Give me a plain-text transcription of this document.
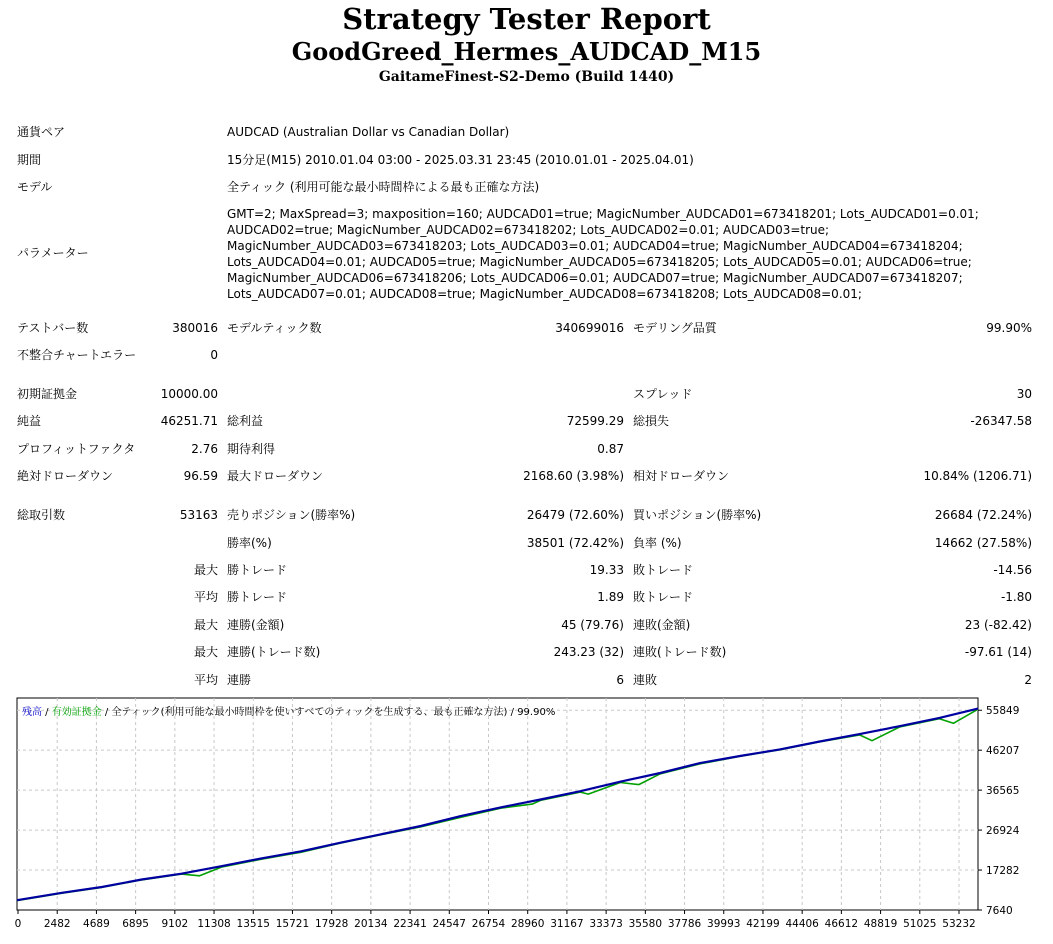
Strategy Tester Report
GoodGreed_Hermes_AUDCAD_M15
GaitameFinest-S2-Demo (Build 1440)
通貨ペア	AUDCAD (Australian Dollar vs Canadian Dollar)
期間	15分足(M15) 2010.01.04 03:00 - 2025.03.31 23:45 (2010.01.01 - 2025.04.01)
モデル	全ティック (利用可能な最小時間枠による最も正確な方法)
パラメーター
GMT=2; MaxSpread=3; maxposition=160; AUDCAD01=true; MagicNumber_AUDCAD01=673418201; Lots_AUDCAD01=0.01;
AUDCAD02=true; MagicNumber_AUDCAD02=673418202; Lots_AUDCAD02=0.01; AUDCAD03=true;
MagicNumber_AUDCAD03=673418203; Lots_AUDCAD03=0.01; AUDCAD04=true; MagicNumber_AUDCAD04=673418204;
Lots_AUDCAD04=0.01; AUDCAD05=true; MagicNumber_AUDCAD05=673418205; Lots_AUDCAD05=0.01; AUDCAD06=true;
MagicNumber_AUDCAD06=673418206; Lots_AUDCAD06=0.01; AUDCAD07=true; MagicNumber_AUDCAD07=673418207;
Lots_AUDCAD07=0.01; AUDCAD08=true; MagicNumber_AUDCAD08=673418208; Lots_AUDCAD08=0.01;
テストバー数	380016 モデルティック数	340699016 モデリング品質	99.90%
不整合チャートエラー	0
初期証拠金	10000.00	スプレッド	30
純益	46251.71 総利益	72599.29 総損失	-26347.58
プロフィットファクタ	2.76 期待利得	0.87
絶対ドローダウン	96.59 最大ドローダウン	2168.60 (3.98%) 相対ドローダウン	10.84% (1206.71)
総取引数	53163 売りポジション(勝率%)	26479 (72.60%) 買いポジション(勝率%)	26684 (72.24%)
勝率(%)	38501 (72.42%) 負率 (%)	14662 (27.58%)
最大 勝トレード	19.33 敗トレード	-14.56
平均 勝トレード	1.89 敗トレード	-1.80
最大 連勝(金額)	45 (79.76) 連敗(金額)	23 (-82.42)
最大 連勝(トレード数)	243.23 (32) 連敗(トレード数)	-97.61 (14)
平均 連勝	6 連敗	2
0 2482 4689 6895 9102 11308 13515 15721 17928 20134 22341 24547 26754 28960 31167 33373 35580 37786 39993 42199 44406 46612 48819 51025 53232
7640
17282
26924
36565
46207
55849
残高 / 有効証拠金 / 全ティック(利用可能な最小時間枠を使いすべてのティックを生成する、最も正確な方法) / 99.90%
